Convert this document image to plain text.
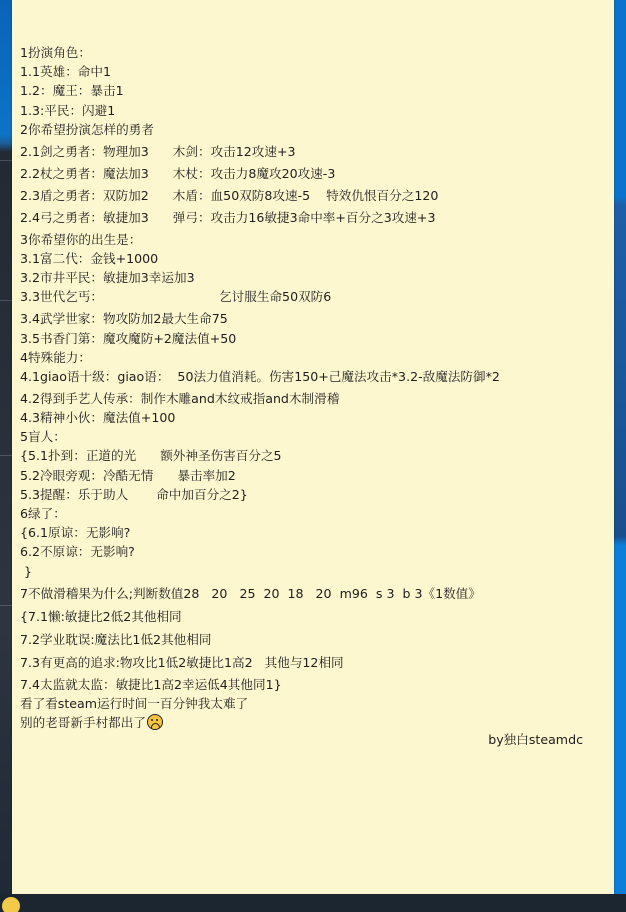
1扮演角色：
1.1英雄：命中1
1.2：魔王：暴击1
1.3:平民：闪避1
2你希望扮演怎样的勇者
2.1剑之勇者：物理加3      木剑：攻击12攻速+3
2.2杖之勇者：魔法加3      木杖：攻击力8魔攻20攻速-3
2.3盾之勇者：双防加2      木盾：血50双防8攻速-5    特效仇恨百分之120
2.4弓之勇者：敏捷加3      弹弓：攻击力16敏捷3命中率+百分之3攻速+3
3你希望你的出生是：
3.1富二代：金钱+1000
3.2市井平民：敏捷加3幸运加3
3.3世代乞丐：                             乞讨服生命50双防6
3.4武学世家：物攻防加2最大生命75
3.5书香门第：魔攻魔防+2魔法值+50
4特殊能力：
4.1giao语十级：giao语：  50法力值消耗。伤害150+己魔法攻击*3.2-敌魔法防御*2
4.2得到手艺人传承：制作木雕and木纹戒指and木制滑稽
4.3精神小伙：魔法值+100
5盲人：
{5.1扑到：正道的光      额外神圣伤害百分之5
5.2冷眼旁观：冷酷无情      暴击率加2
5.3提醒：乐于助人       命中加百分之2}
6绿了：
{6.1原谅：无影响?
6.2不原谅：无影响?
}
7不做滑稽果为什么;判断数值28   20   25  20  18   20  m96  s 3  b 3《1数值》
{7.1懒:敏捷比2低2其他相同
7.2学业耽误:魔法比1低2其他相同
7.3有更高的追求:物攻比1低2敏捷比1高2   其他与12相同
7.4太监就太监：敏捷比1高2幸运低4其他同1}
看了看steam运行时间一百分钟我太难了
别的老哥新手村都出了
by独白steamdc
